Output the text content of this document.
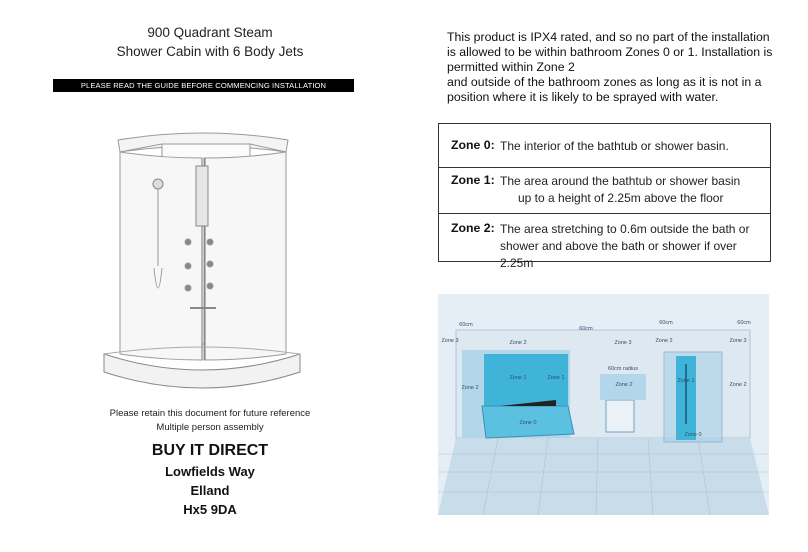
900 Quadrant Steam
Shower Cabin with 6 Body Jets
PLEASE READ THE GUIDE BEFORE COMMENCING INSTALLATION
Please retain this document for future reference
Multiple person assembly
BUY IT DIRECT
Lowfields Way
Elland
Hx5 9DA
This product is IPX4 rated, and so no part of the installation
is allowed to be within bathroom Zones 0 or 1. Installation is
permitted within Zone 2
and outside of the bathroom zones as long as it is not in a
position where it is likely to be sprayed with water.
Zone 0: The interior of the bathtub or shower basin.
Zone 1: The area around the bathtub or shower basin
up to a height of 2.25m above the floor
Zone 2: The area stretching to 0.6m outside the bath or
shower and above the bath or shower if over 2.25m
Zone 3
Zone 2
Zone 1	Zone 1
Zone 0
Zone 2	Zone 3
Zone 2
Zone 2
Zone 1
Zone 2
Zone 3
Zone 0
60cm
60cm
60cm	60cm
60cm radius
